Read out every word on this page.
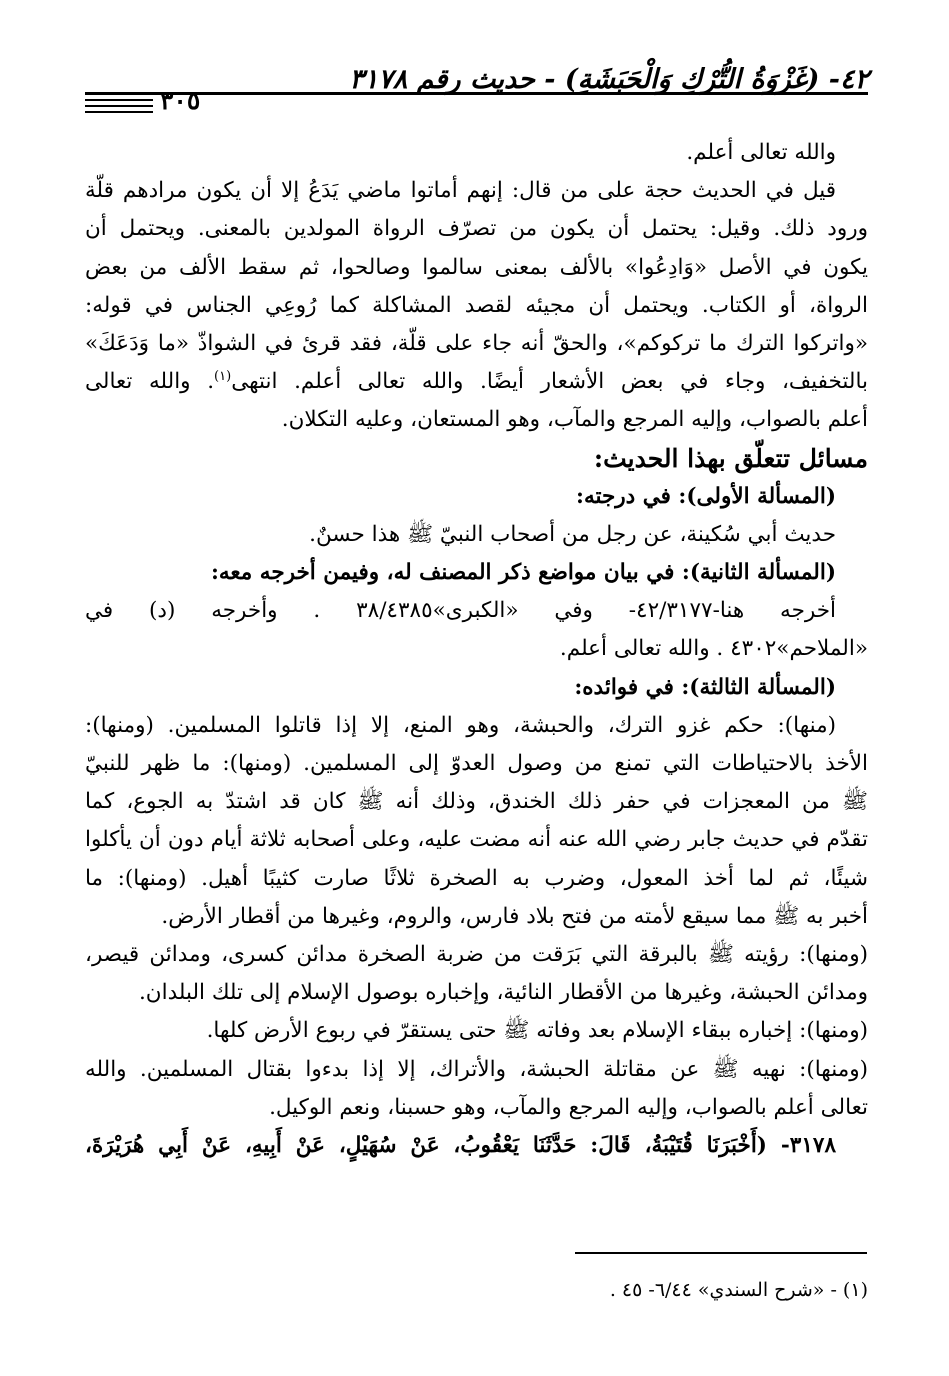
٤٢- (غَزْوَةُ التُّرْكِ وَالْحَبَشَةِ) - حديث رقم ٣١٧٨
٣٠٥
والله تعالى أعلم.
قيل في الحديث حجة على من قال: إنهم أماتوا ماضي يَدَعُ إلا أن يكون مرادهم قلّة
ورود ذلك. وقيل: يحتمل أن يكون من تصرّف الرواة المولدين بالمعنى. ويحتمل أن
يكون في الأصل «وَادِعُوا» بالألف بمعنى سالموا وصالحوا، ثم سقط الألف من بعض
الرواة، أو الكتاب. ويحتمل أن مجيئه لقصد المشاكلة كما رُوعِي الجناس في قوله:
«واتركوا الترك ما تركوكم»، والحقّ أنه جاء على قلّة، فقد قرئ في الشواذّ «ما وَدَعَكَ»
بالتخفيف، وجاء في بعض الأشعار أيضًا. والله تعالى أعلم. انتهى$^{(١)}$. والله تعالى
أعلم بالصواب، وإليه المرجع والمآب، وهو المستعان، وعليه التكلان.
مسائل تتعلّق بهذا الحديث:
(المسألة الأولى): في درجته:
حديث أبي سُكينة، عن رجل من أصحاب النبيّ ﷺ هذا حسنٌ.
(المسألة الثانية): في بيان مواضع ذكر المصنف له، وفيمن أخرجه معه:
أخرجه هنا-٤٢/٣١٧٧- وفي «الكبرى»٣٨/٤٣٨٥ . وأخرجه (د) في
«الملاحم»٤٣٠٢ . والله تعالى أعلم.
(المسألة الثالثة): في فوائده:
(منها): حكم غزو الترك، والحبشة، وهو المنع، إلا إذا قاتلوا المسلمين. (ومنها):
الأخذ بالاحتياطات التي تمنع من وصول العدوّ إلى المسلمين. (ومنها): ما ظهر للنبيّ
ﷺ من المعجزات في حفر ذلك الخندق، وذلك أنه ﷺ كان قد اشتدّ به الجوع، كما
تقدّم في حديث جابر رضي الله عنه أنه مضت عليه، وعلى أصحابه ثلاثة أيام دون أن يأكلوا
شيئًا، ثم لما أخذ المعول، وضرب به الصخرة ثلاثًا صارت كثيبًا أهيل. (ومنها): ما
أخبر به ﷺ مما سيقع لأمته من فتح بلاد فارس، والروم، وغيرها من أقطار الأرض.
(ومنها): رؤيته ﷺ بالبرقة التي بَرَقت من ضربة الصخرة مدائن كسرى، ومدائن قيصر،
ومدائن الحبشة، وغيرها من الأقطار النائية، وإخباره بوصول الإسلام إلى تلك البلدان.
(ومنها): إخباره ببقاء الإسلام بعد وفاته ﷺ حتى يستقرّ في ربوع الأرض كلها.
(ومنها): نهيه ﷺ عن مقاتلة الحبشة، والأتراك، إلا إذا بدءوا بقتال المسلمين. والله
تعالى أعلم بالصواب، وإليه المرجع والمآب، وهو حسبنا، ونعم الوكيل.
٣١٧٨- (أَخْبَرَنَا قُتَيْبَةُ، قَالَ: حَدَّثَنَا يَعْقُوبُ، عَنْ سُهَيْلٍ، عَنْ أَبِيهِ، عَنْ أَبِي هُرَيْرَةَ،
(١) - «شرح السندي» ٦/٤٤- ٤٥ .
